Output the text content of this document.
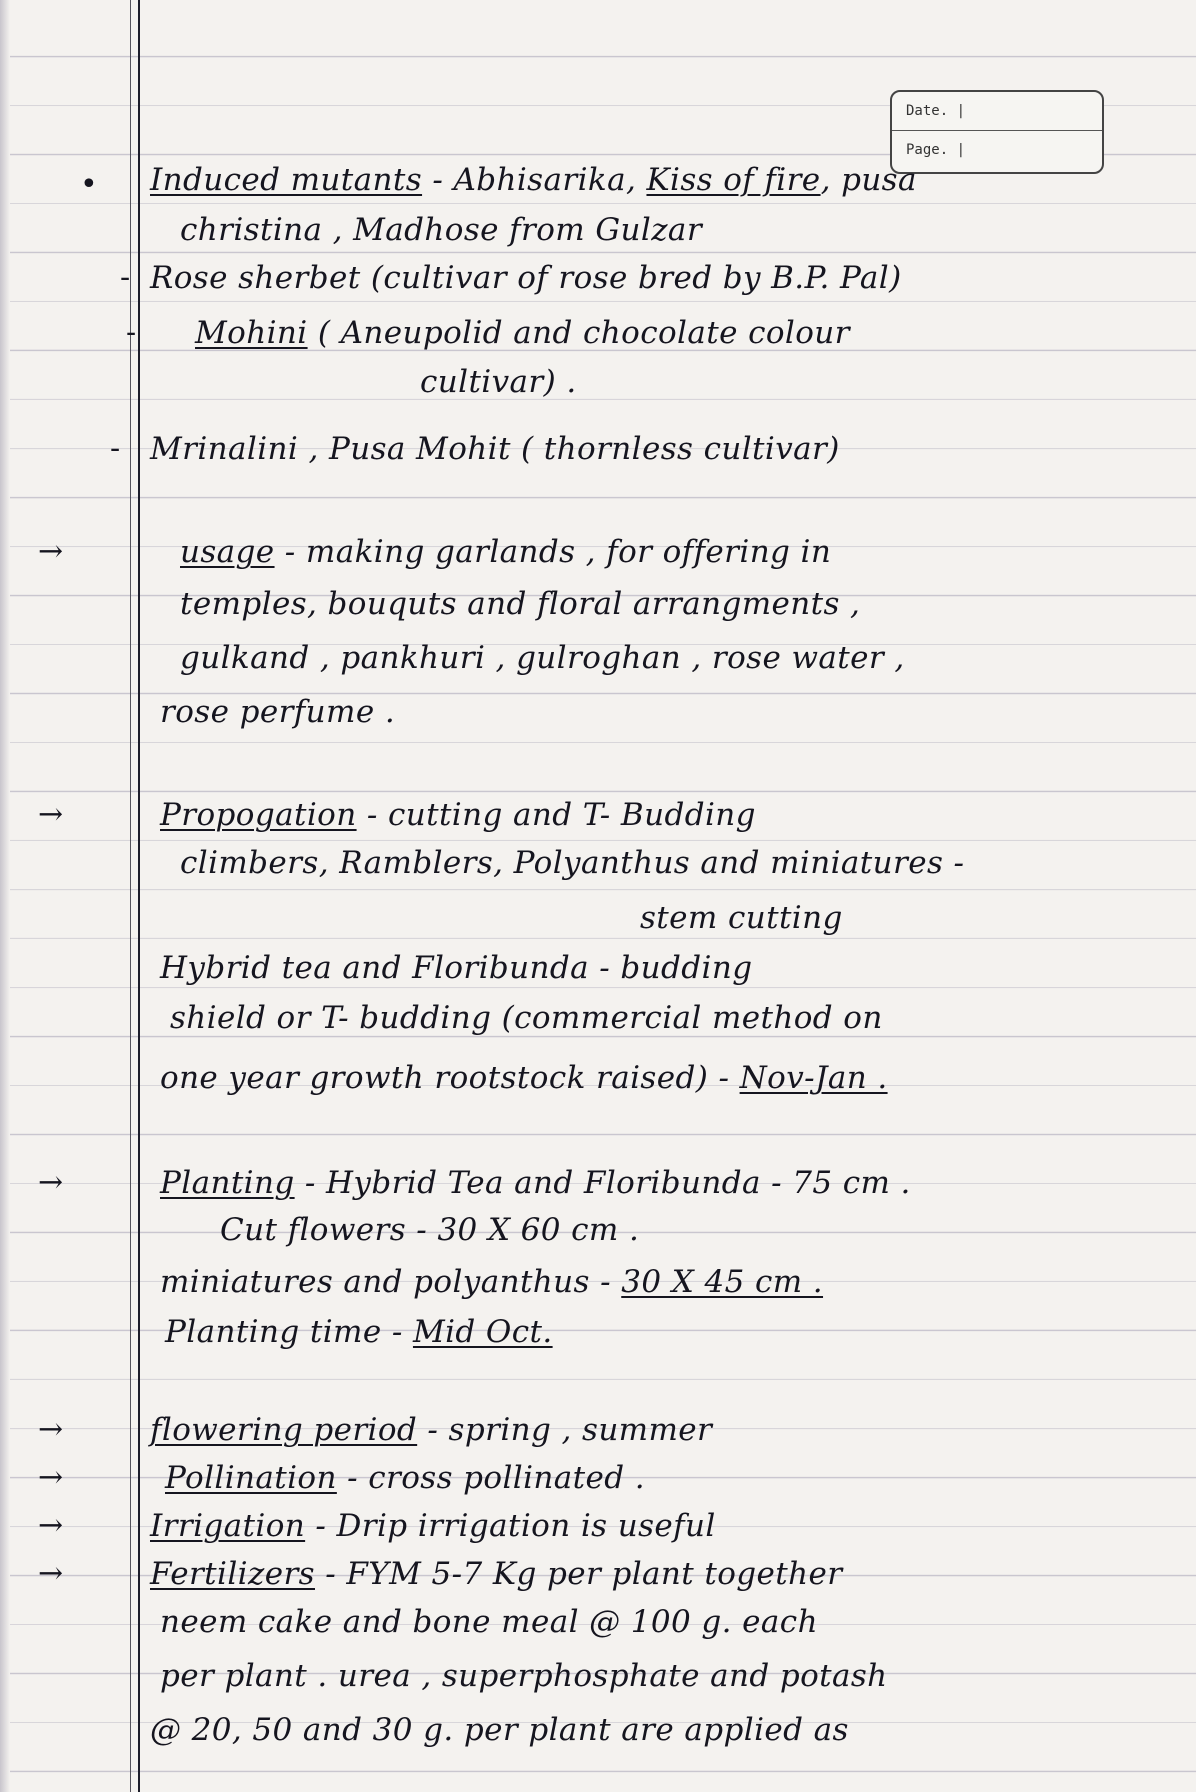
Date. |
Page. |
•
-
-
-
→
→
→
→
→
→
→
Induced mutants - Abhisarika, Kiss of fire, pusa
christina , Madhose from Gulzar
Rose sherbet (cultivar of rose bred by B.P. Pal)
Mohini ( Aneupolid and chocolate colour
cultivar) .
Mrinalini , Pusa Mohit ( thornless cultivar)
usage - making garlands , for offering in
temples, bouquts and floral arrangments ,
gulkand , pankhuri , gulroghan , rose water ,
rose perfume .
Propogation - cutting and T- Budding
climbers, Ramblers, Polyanthus and miniatures -
stem cutting
Hybrid tea and Floribunda - budding
shield or T- budding (commercial method on
one year growth rootstock raised) - Nov-Jan .
Planting - Hybrid Tea and Floribunda - 75 cm .
Cut flowers - 30 X 60 cm .
miniatures and polyanthus - 30 X 45 cm .
Planting time - Mid Oct.
flowering period - spring , summer
Pollination - cross pollinated .
Irrigation - Drip irrigation is useful
Fertilizers - FYM 5-7 Kg per plant together
neem cake and bone meal @ 100 g. each
per plant . urea , superphosphate and potash
@ 20, 50 and 30 g. per plant are applied as
